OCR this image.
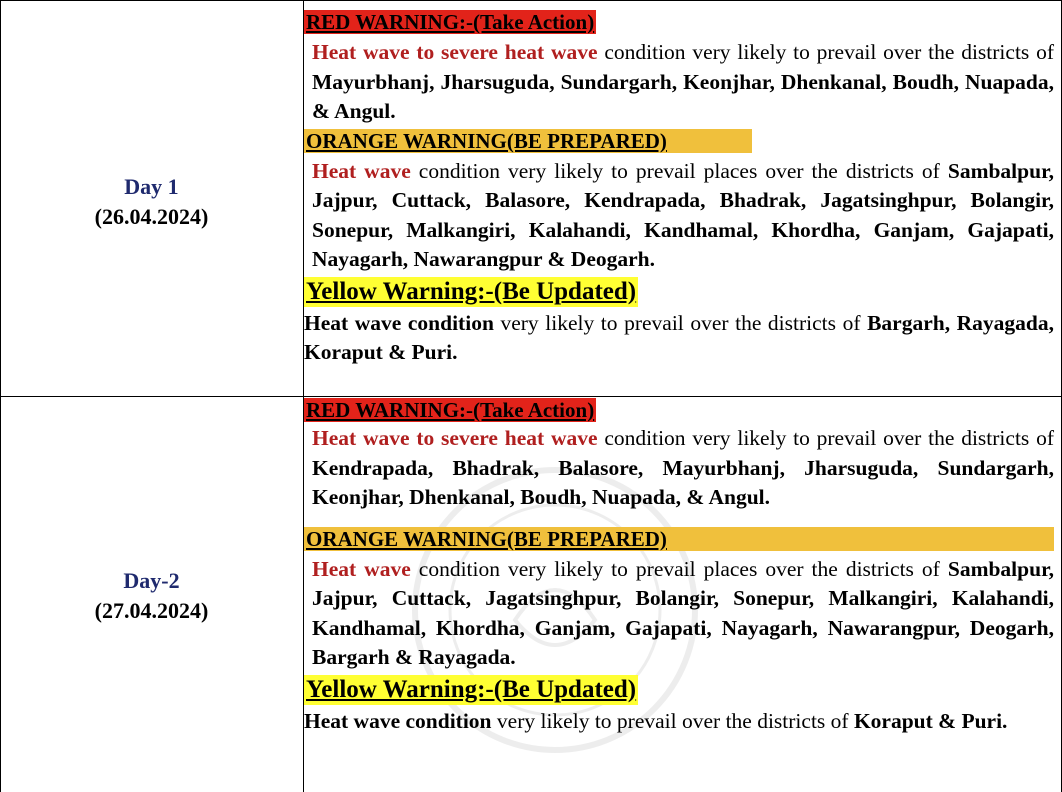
Day 1
(26.04.2024)
RED WARNING:-(Take Action)
Heat wave to severe heat wave condition very likely to prevail over the districts of Mayurbhanj, Jharsuguda, Sundargarh, Keonjhar, Dhenkanal, Boudh, Nuapada, & Angul.
ORANGE WARNING(BE PREPARED)
Heat wave condition very likely to prevail places over the districts of Sambalpur, Jajpur, Cuttack, Balasore, Kendrapada, Bhadrak, Jagatsinghpur, Bolangir, Sonepur, Malkangiri, Kalahandi, Kandhamal, Khordha, Ganjam, Gajapati, Nayagarh, Nawarangpur & Deogarh.
Yellow Warning:-(Be Updated)
Heat wave condition very likely to prevail over the districts of Bargarh, Rayagada, Koraput & Puri.
Day-2
(27.04.2024)
RED WARNING:-(Take Action)
Heat wave to severe heat wave condition very likely to prevail over the districts of Kendrapada, Bhadrak, Balasore, Mayurbhanj, Jharsuguda, Sundargarh, Keonjhar, Dhenkanal, Boudh, Nuapada, & Angul.
ORANGE WARNING(BE PREPARED)
Heat wave condition very likely to prevail places over the districts of Sambalpur, Jajpur, Cuttack, Jagatsinghpur, Bolangir, Sonepur, Malkangiri, Kalahandi, Kandhamal, Khordha, Ganjam, Gajapati, Nayagarh, Nawarangpur, Deogarh, Bargarh & Rayagada.
Yellow Warning:-(Be Updated)
Heat wave condition very likely to prevail over the districts of Koraput & Puri.
